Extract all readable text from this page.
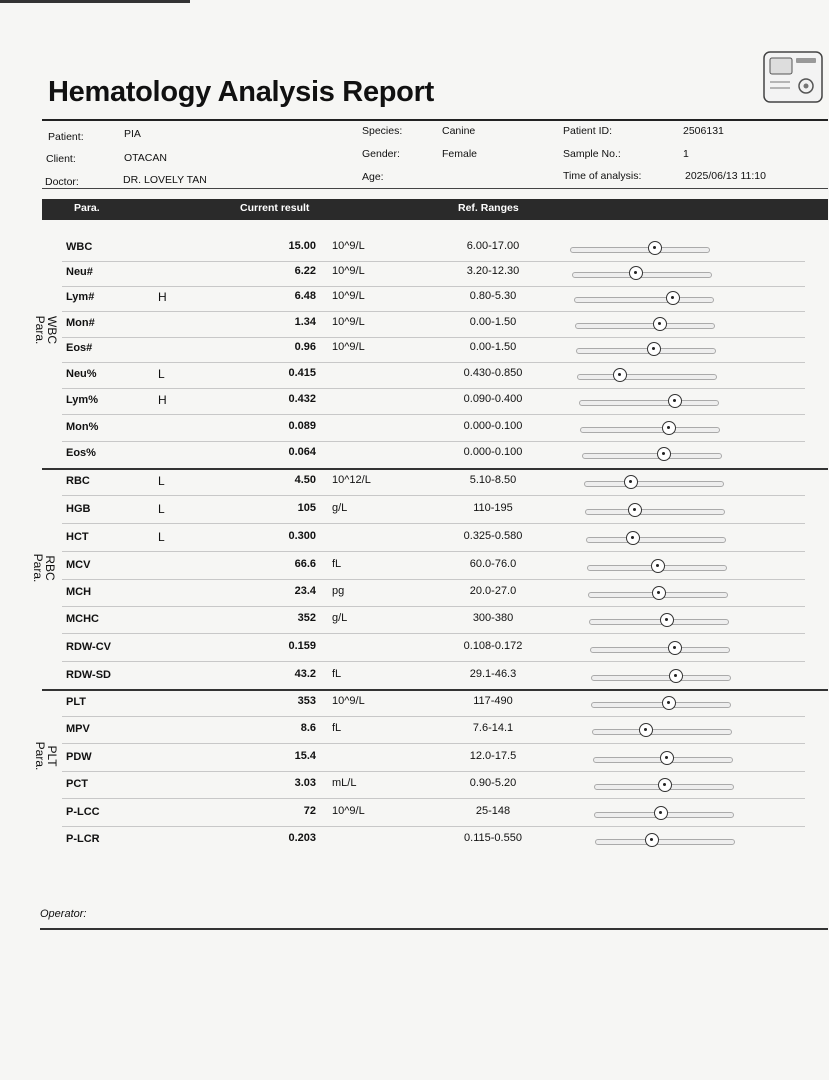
Hematology Analysis Report
Patient:	PIA
Client:	OTACAN
Doctor:	DR. LOVELY TAN
Species:	Canine
Gender:	Female
Age:
Patient ID:	2506131
Sample No.:	1
Time of analysis:	2025/06/13 11:10
Para.	Current result	Ref. Ranges
WBC	15.00 10^9/L	6.00-17.00
Neu#	6.22 10^9/L	3.20-12.30
Lym#	H	6.48 10^9/L	0.80-5.30
Mon#	1.34 10^9/L	0.00-1.50
Eos#	0.96 10^9/L	0.00-1.50
Neu%	L	0.415	0.430-0.850
Lym%	H	0.432	0.090-0.400
Mon%	0.089	0.000-0.100
Eos%	0.064	0.000-0.100
RBC	L	4.50 10^12/L	5.10-8.50
HGB	L	105 g/L	110-195
HCT	L	0.300	0.325-0.580
MCV	66.6 fL	60.0-76.0
MCH	23.4 pg	20.0-27.0
MCHC	352 g/L	300-380
RDW-CV	0.159	0.108-0.172
RDW-SD	43.2 fL	29.1-46.3
PLT	353 10^9/L	117-490
MPV	8.6 fL	7.6-14.1
PDW	15.4	12.0-17.5
PCT	3.03 mL/L	0.90-5.20
P-LCC	72 10^9/L	25-148
P-LCR	0.203	0.115-0.550
WBC
Para.
RBC
Para.
PLT
Para.
Operator:
